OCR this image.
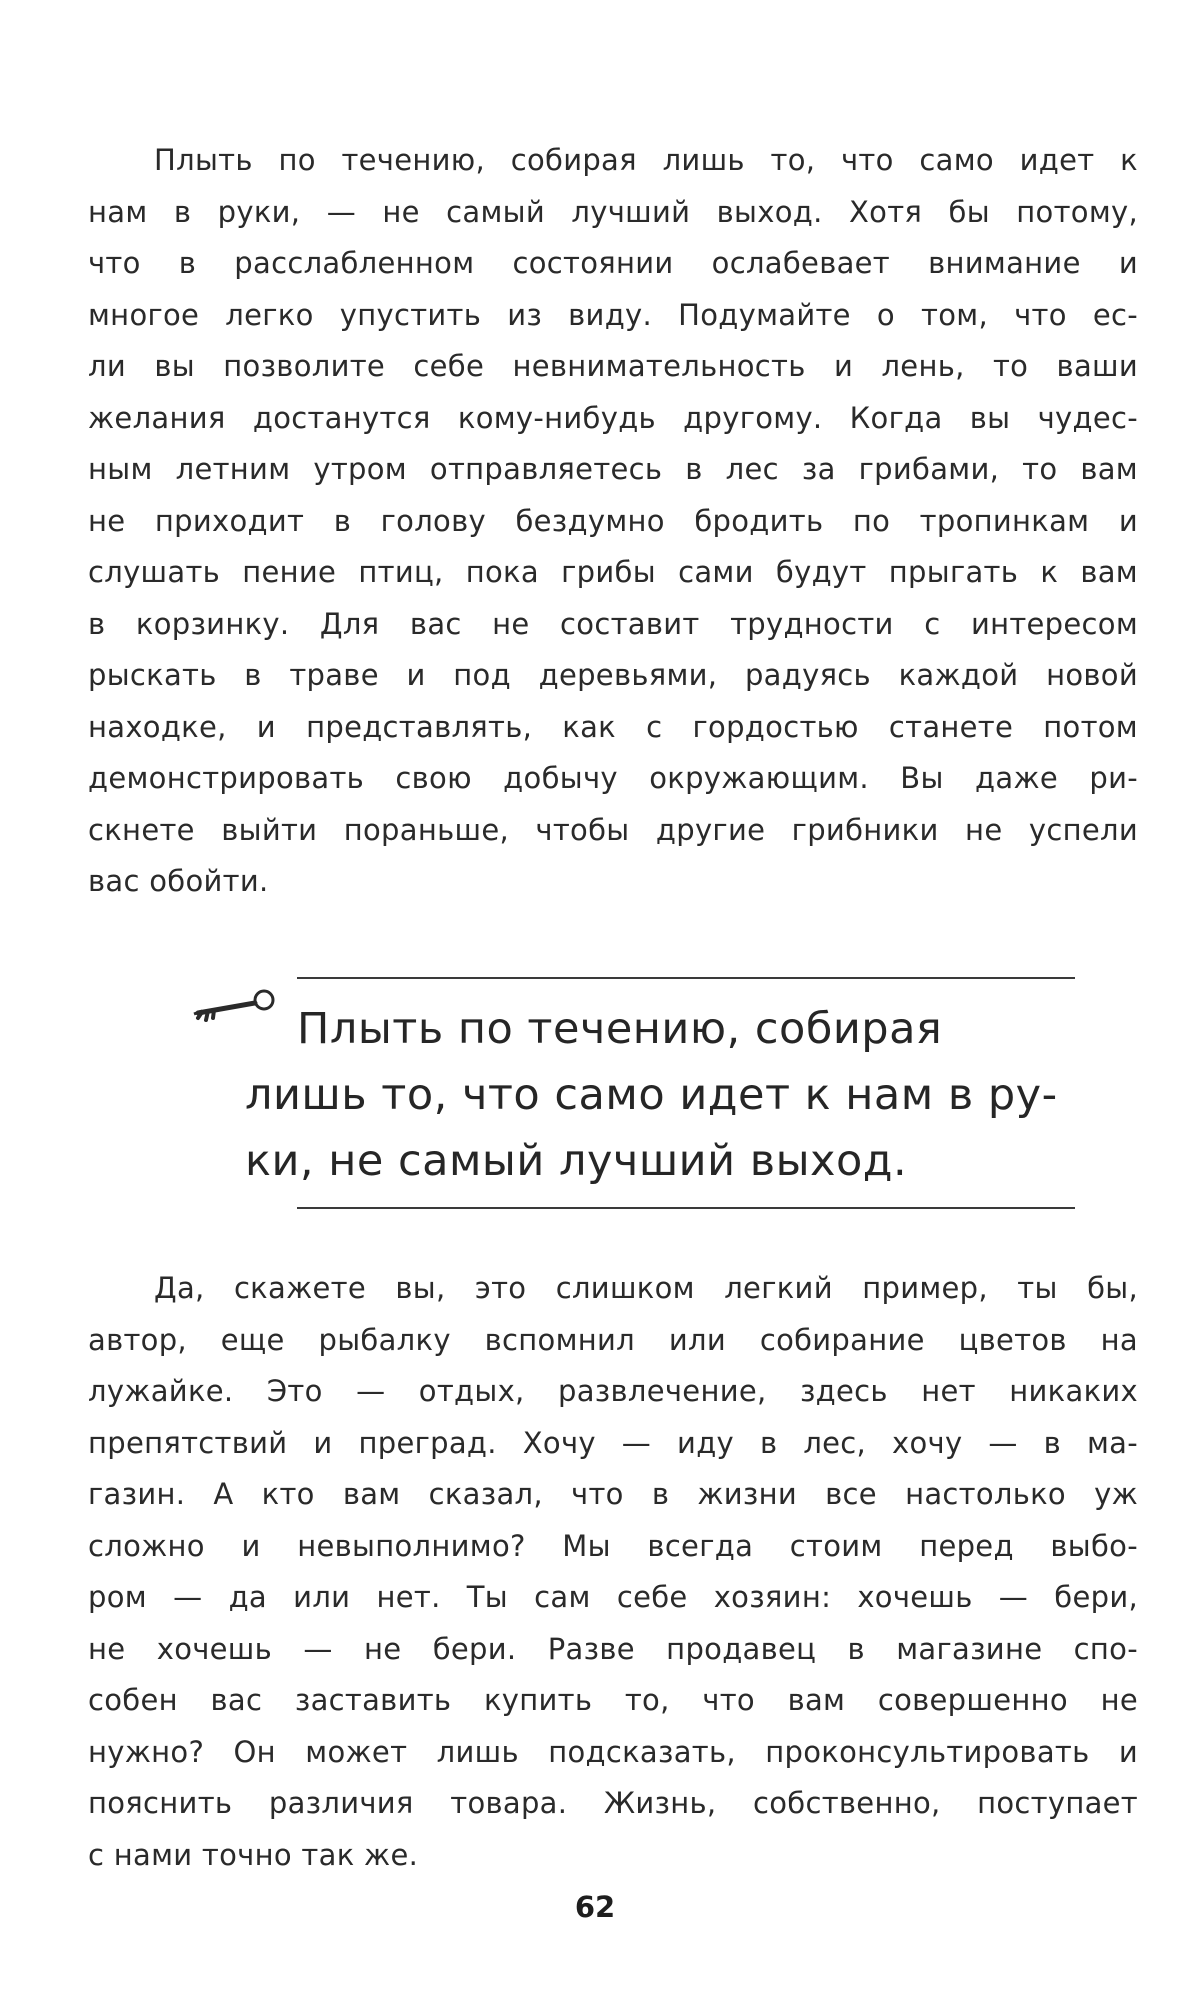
Плыть по течению, собирая лишь то, что само идет к
нам в руки, — не самый лучший выход. Хотя бы потому,
что в расслабленном состоянии ослабевает внимание и
многое легко упустить из виду. Подумайте о том, что ес-
ли вы позволите себе невнимательность и лень, то ваши
желания достанутся кому-нибудь другому. Когда вы чудес-
ным летним утром отправляетесь в лес за грибами, то вам
не приходит в голову бездумно бродить по тропинкам и
слушать пение птиц, пока грибы сами будут прыгать к вам
в корзинку. Для вас не составит трудности с интересом
рыскать в траве и под деревьями, радуясь каждой новой
находке, и представлять, как с гордостью станете потом
демонстрировать свою добычу окружающим. Вы даже ри-
скнете выйти пораньше, чтобы другие грибники не успели
вас обойти.
Плыть по течению, собирая
лишь то, что само идет к нам в ру-
ки, не самый лучший выход.
Да, скажете вы, это слишком легкий пример, ты бы,
автор, еще рыбалку вспомнил или собирание цветов на
лужайке. Это — отдых, развлечение, здесь нет никаких
препятствий и преград. Хочу — иду в лес, хочу — в ма-
газин. А кто вам сказал, что в жизни все настолько уж
сложно и невыполнимо? Мы всегда стоим перед выбо-
ром — да или нет. Ты сам себе хозяин: хочешь — бери,
не хочешь — не бери. Разве продавец в магазине спо-
собен вас заставить купить то, что вам совершенно не
нужно? Он может лишь подсказать, проконсультировать и
пояснить различия товара. Жизнь, собственно, поступает
с нами точно так же.
62
